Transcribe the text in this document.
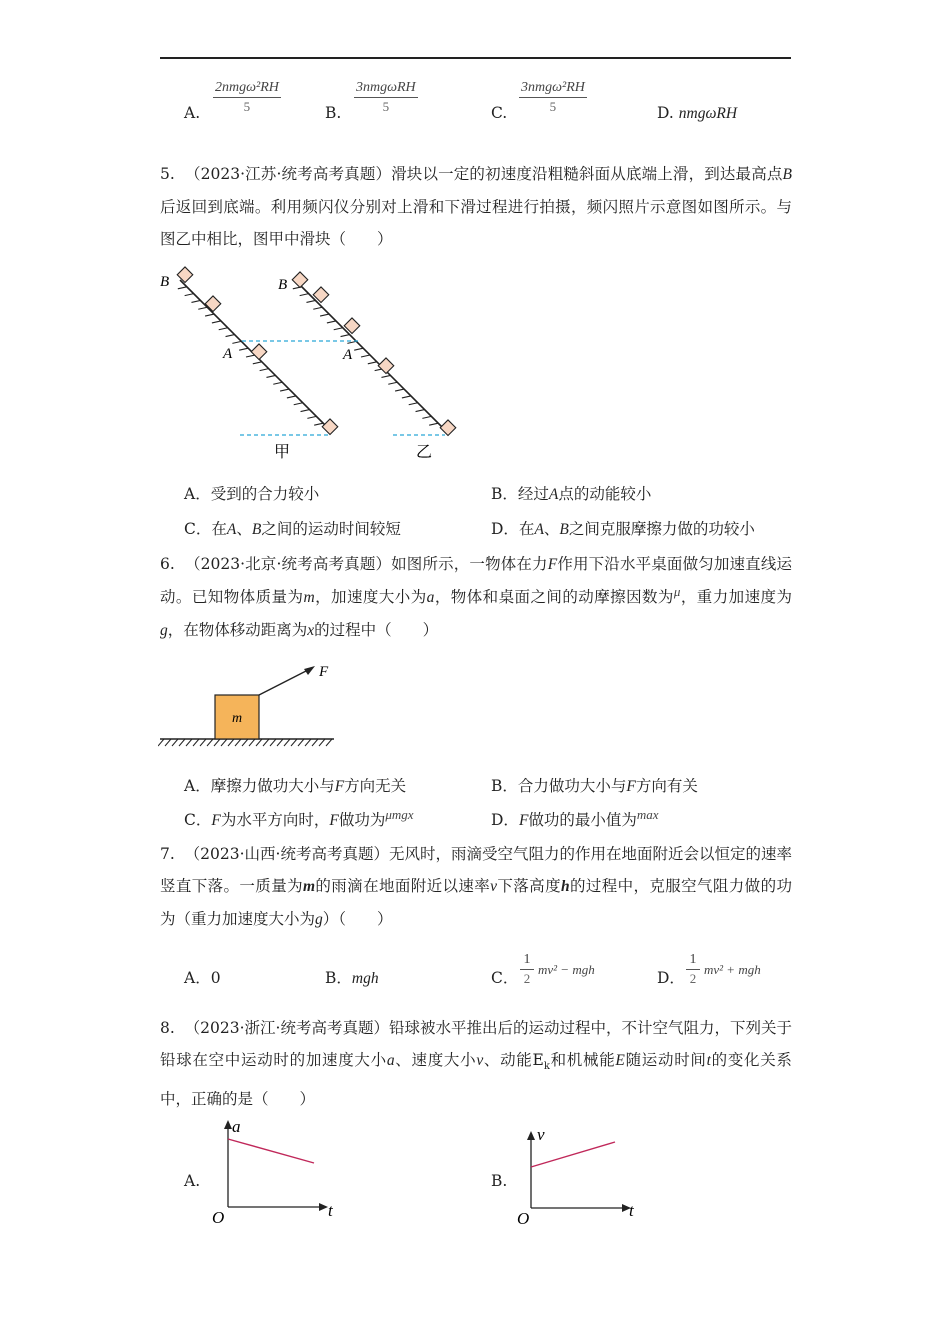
A.
2nmgω²RH
5	B.
3nmgωRH
5	C.
3nmgω²RH
5	D. nmgωRH
5. （2023·江苏·统考高考真题）滑块以一定的初速度沿粗糙斜面从底端上滑，到达最高点B后返回到底端。利用频闪仪分别对上滑和下滑过程进行拍摄，频闪照片示意图如图所示。与图乙中相比，图甲中滑块（　　）
B
A
B
A
甲	乙
A．受到的合力较小	B．经过A点的动能较小
C．在A、B之间的运动时间较短	D．在A、B之间克服摩擦力做的功较小
6. （2023·北京·统考高考真题）如图所示，一物体在力F作用下沿水平桌面做匀加速直线运动。已知物体质量为m，加速度大小为a，物体和桌面之间的动摩擦因数为$^\mu$，重力加速度为g，在物体移动距离为x的过程中（　　）
m
F
A．摩擦力做功大小与F方向无关	B．合力做功大小与F方向有关
C．F为水平方向时，F做功为$^{\mu mgx}$	D．F做功的最小值为$^{max}$
7. （2023·山西·统考高考真题）无风时，雨滴受空气阻力的作用在地面附近会以恒定的速率竖直下落。一质量为m的雨滴在地面附近以速率v下落高度h的过程中，克服空气阻力做的功为（重力加速度大小为g）（　　）
A．0	B．mgh	C．
1
2
mv² − mgh	D．
1
2
mv² + mgh
8. （2023·浙江·统考高考真题）铅球被水平推出后的运动过程中，不计空气阻力，下列关于铅球在空中运动时的加速度大小a、速度大小v、动能$E_k$和机械能E随运动时间t的变化关系中，正确的是（　　）
A.
a
t
O
B.
v
t
O
